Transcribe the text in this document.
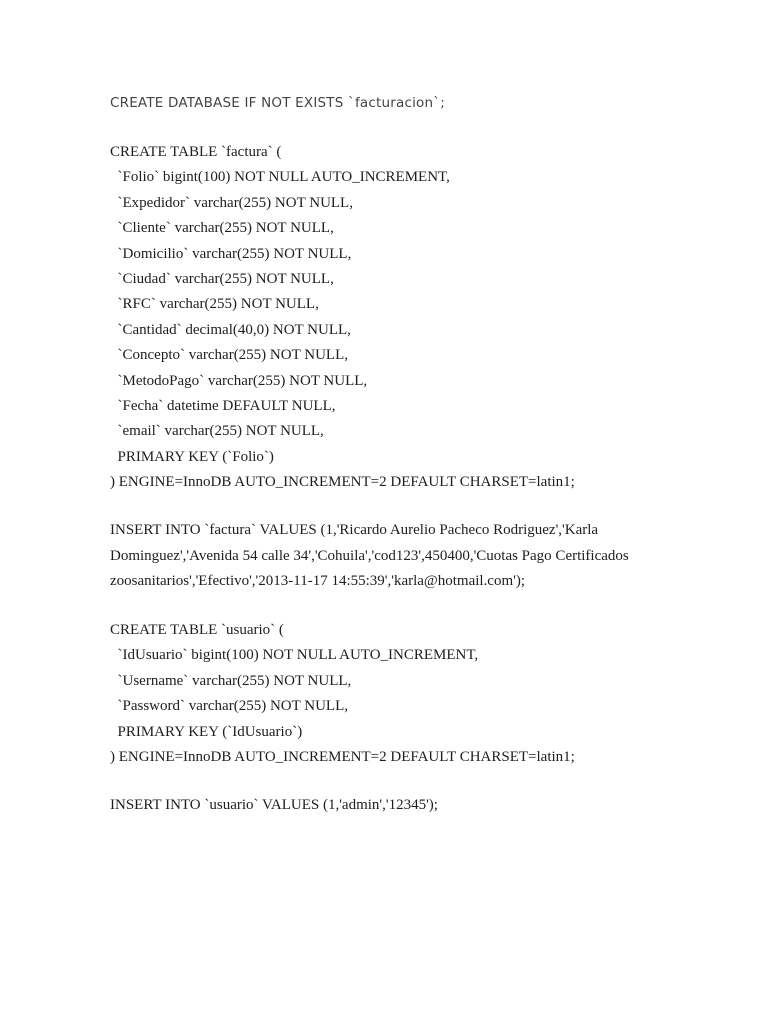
CREATE DATABASE IF NOT EXISTS `facturacion`;

CREATE TABLE `factura` (
`Folio` bigint(100) NOT NULL AUTO_INCREMENT,
`Expedidor` varchar(255) NOT NULL,
`Cliente` varchar(255) NOT NULL,
`Domicilio` varchar(255) NOT NULL,
`Ciudad` varchar(255) NOT NULL,
`RFC` varchar(255) NOT NULL,
`Cantidad` decimal(40,0) NOT NULL,
`Concepto` varchar(255) NOT NULL,
`MetodoPago` varchar(255) NOT NULL,
`Fecha` datetime DEFAULT NULL,
`email` varchar(255) NOT NULL,
PRIMARY KEY (`Folio`)
) ENGINE=InnoDB AUTO_INCREMENT=2 DEFAULT CHARSET=latin1;
INSERT INTO `factura` VALUES (1,'Ricardo Aurelio Pacheco Rodriguez','Karla Dominguez','Avenida 54 calle 34','Cohuila','cod123',450400,'Cuotas Pago Certificados zoosanitarios','Efectivo','2013-11-17 14:55:39','karla@hotmail.com');
CREATE TABLE `usuario` (
`IdUsuario` bigint(100) NOT NULL AUTO_INCREMENT,
`Username` varchar(255) NOT NULL,
`Password` varchar(255) NOT NULL,
PRIMARY KEY (`IdUsuario`)
) ENGINE=InnoDB AUTO_INCREMENT=2 DEFAULT CHARSET=latin1;
INSERT INTO `usuario` VALUES (1,'admin','12345');
